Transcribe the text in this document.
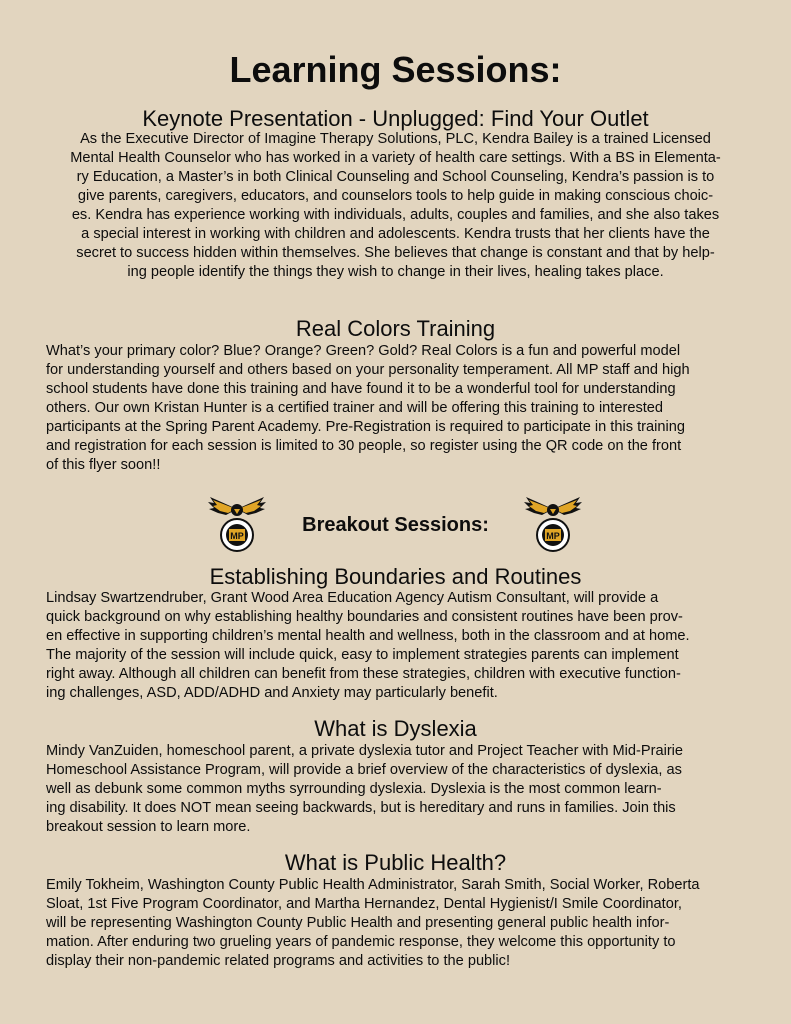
Learning Sessions:
Keynote Presentation - Unplugged: Find Your Outlet

As the Executive Director of Imagine Therapy Solutions, PLC, Kendra Bailey is a trained Licensed
Mental Health Counselor who has worked in a variety of health care settings. With a BS in Elementa-
ry Education, a Master’s in both Clinical Counseling and School Counseling, Kendra’s passion is to
give parents, caregivers, educators, and counselors tools to help guide in making conscious choic-
es. Kendra has experience working with individuals, adults, couples and families, and she also takes
a special interest in working with children and adolescents. Kendra trusts that her clients have the
secret to success hidden within themselves. She believes that change is constant and that by help-
ing people identify the things they wish to change in their lives, healing takes place.

Real Colors Training

What’s your primary color? Blue? Orange? Green? Gold? Real Colors is a fun and powerful model
for understanding yourself and others based on your personality temperament. All MP staff and high
school students have done this training and have found it to be a wonderful tool for understanding
others. Our own Kristan Hunter is a certified trainer and will be offering this training to interested
participants at the Spring Parent Academy. Pre-Registration is required to participate in this training
and registration for each session is limited to 30 people, so register using the QR code on the front
of this flyer soon!!

MP	Breakout Sessions:	MP
Establishing Boundaries and Routines

Lindsay Swartzendruber, Grant Wood Area Education Agency Autism Consultant, will provide a
quick background on why establishing healthy boundaries and consistent routines have been prov-
en effective in supporting children’s mental health and wellness, both in the classroom and at home.
The majority of the session will include quick, easy to implement strategies parents can implement
right away. Although all children can benefit from these strategies, children with executive function-
ing challenges, ASD, ADD/ADHD and Anxiety may particularly benefit.

What is Dyslexia

Mindy VanZuiden, homeschool parent, a private dyslexia tutor and Project Teacher with Mid-Prairie
Homeschool Assistance Program, will provide a brief overview of the characteristics of dyslexia, as
well as debunk some common myths syrrounding dyslexia. Dyslexia is the most common learn-
ing disability. It does NOT mean seeing backwards, but is hereditary and runs in families. Join this
breakout session to learn more.

What is Public Health?

Emily Tokheim, Washington County Public Health Administrator, Sarah Smith, Social Worker, Roberta
Sloat, 1st Five Program Coordinator, and Martha Hernandez, Dental Hygienist/I Smile Coordinator,
will be representing Washington County Public Health and presenting general public health infor-
mation. After enduring two grueling years of pandemic response, they welcome this opportunity to
display their non-pandemic related programs and activities to the public!
